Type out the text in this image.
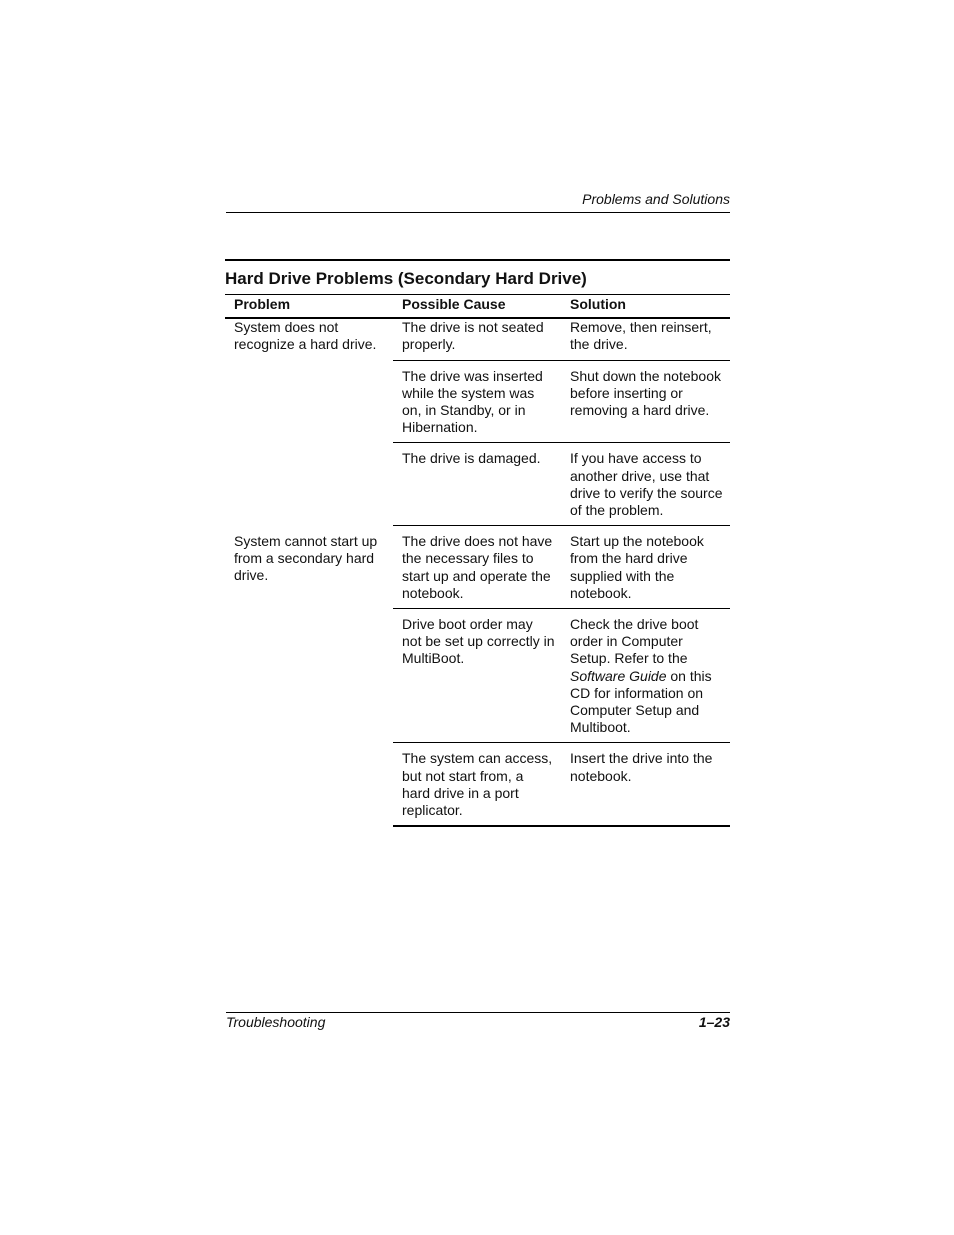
Problems and Solutions
Hard Drive Problems (Secondary Hard Drive)
Problem	Possible Cause	Solution
System does not recognize a hard drive.	The drive is not seated properly.	Remove, then reinsert, the drive.
	The drive was inserted while the system was on, in Standby, or in Hibernation.	Shut down the notebook before inserting or removing a hard drive.
	The drive is damaged.	If you have access to another drive, use that drive to verify the source of the problem.
System cannot start up from a secondary hard drive.	The drive does not have the necessary files to start up and operate the notebook.	Start up the notebook from the hard drive supplied with the notebook.
	Drive boot order may not be set up correctly in MultiBoot.	Check the drive boot order in Computer Setup. Refer to the Software Guide on this CD for information on Computer Setup and Multiboot.
	The system can access, but not start from, a hard drive in a port replicator.	Insert the drive into the notebook.
Troubleshooting	1–23
